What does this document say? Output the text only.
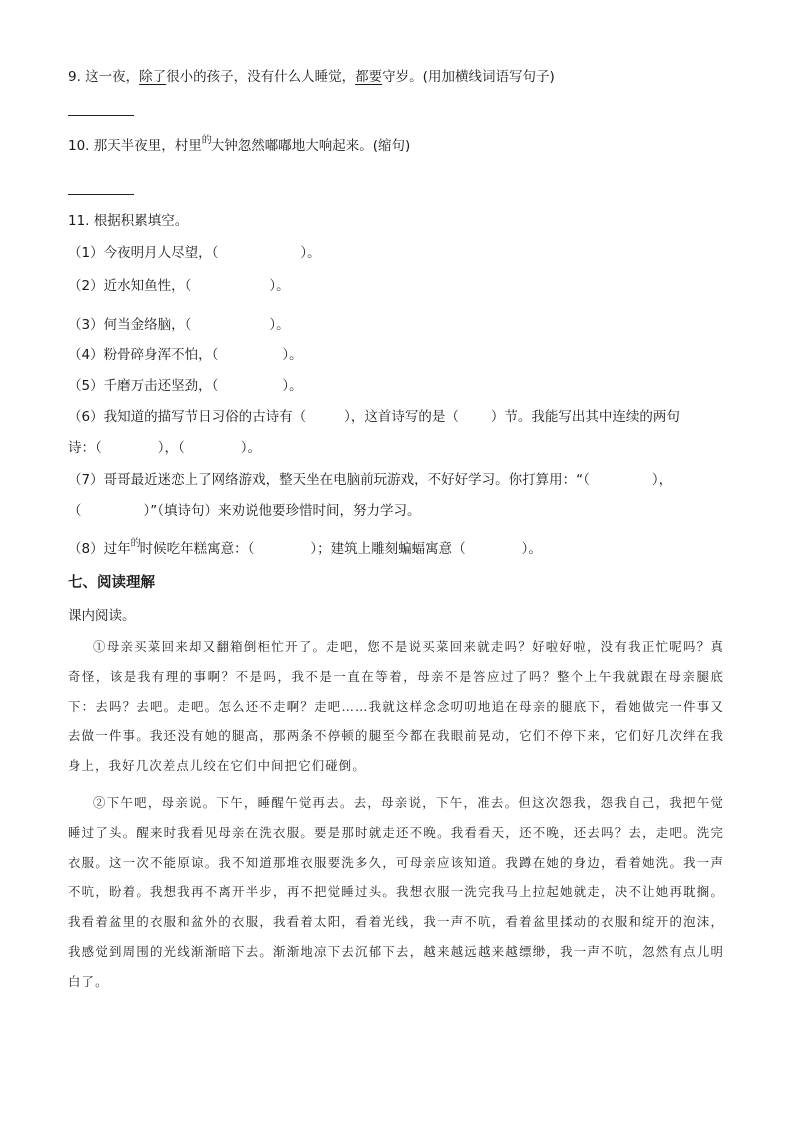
9. 这一夜，除了很小的孩子，没有什么人睡觉，都要守岁。(用加横线词语写句子)
10. 那天半夜里，村里$^的$大钟忽然嘟嘟地大响起来。(缩句)
11. 根据积累填空。
（1）今夜明月人尽望，（	）。
（2）近水知鱼性，（	）。
（3）何当金络脑，（	）。
（4）粉骨碎身浑不怕，（	）。
（5）千磨万击还坚劲，（	）。
（6）我知道的描写节日习俗的古诗有（	），这首诗写的是（ ）节。我能写出其中连续的两句
诗：（	），（	）。
（7）哥哥最近迷恋上了网络游戏，整天坐在电脑前玩游戏，不好好学习。你打算用：“（	），
（	）”（填诗句）来劝说他要珍惜时间，努力学习。
（8）过年$^的$时候吃年糕寓意：（	）；建筑上雕刻蝙蝠寓意（	）。
七、阅读理解
课内阅读。
①母亲买菜回来却又翻箱倒柜忙开了。走吧，您不是说买菜回来就走吗？好啦好啦，没有我正忙呢吗？真奇怪，该是我有理的事啊？不是吗，我不是一直在等着，母亲不是答应过了吗？整个上午我就跟在母亲腿底下：去吗？去吧。走吧。怎么还不走啊？走吧……我就这样念念叨叨地追在母亲的腿底下，看她做完一件事又去做一件事。我还没有她的腿高，那两条不停顿的腿至今都在我眼前晃动，它们不停下来，它们好几次绊在我身上，我好几次差点儿绞在它们中间把它们碰倒。
②下午吧，母亲说。下午，睡醒午觉再去。去，母亲说，下午，准去。但这次怨我，怨我自己，我把午觉睡过了头。醒来时我看见母亲在洗衣服。要是那时就走还不晚。我看看天，还不晚，还去吗？去，走吧。洗完衣服。这一次不能原谅。我不知道那堆衣服要洗多久，可母亲应该知道。我蹲在她的身边，看着她洗。我一声不吭，盼着。我想我再不离开半步，再不把觉睡过头。我想衣服一洗完我马上拉起她就走，决不让她再耽搁。我看着盆里的衣服和盆外的衣服，我看着太阳，看着光线，我一声不吭，看着盆里揉动的衣服和绽开的泡沫，我感觉到周围的光线渐渐暗下去。渐渐地凉下去沉郁下去，越来越远越来越缥缈，我一声不吭，忽然有点儿明白了。
